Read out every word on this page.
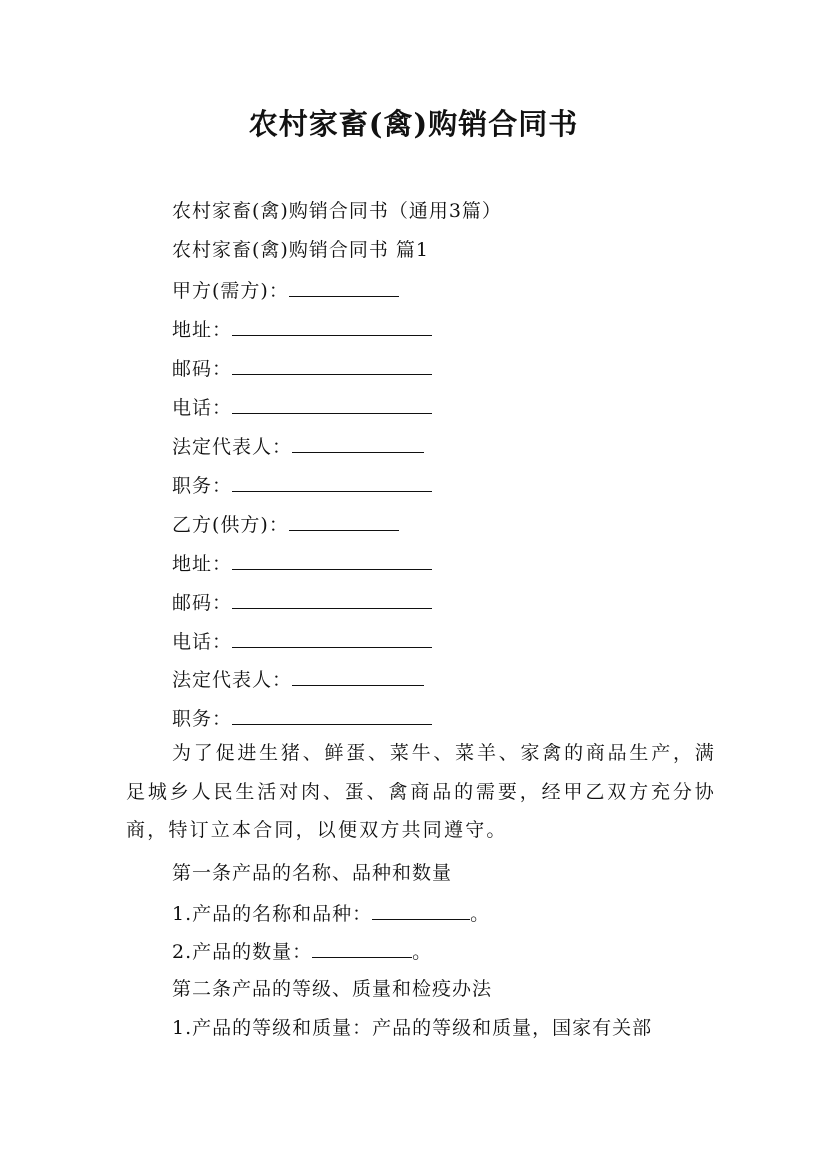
农村家畜(禽)购销合同书
农村家畜(禽)购销合同书（通用3篇）
农村家畜(禽)购销合同书 篇1
甲方(需方)：
地址：
邮码：
电话：
法定代表人：
职务：
乙方(供方)：
地址：
邮码：
电话：
法定代表人：
职务：
为了促进生猪、鲜蛋、菜牛、菜羊、家禽的商品生产，满足城乡人民生活对肉、蛋、禽商品的需要，经甲乙双方充分协商，特订立本合同，以便双方共同遵守。
第一条产品的名称、品种和数量
1.产品的名称和品种：	。
2.产品的数量：	。
第二条产品的等级、质量和检疫办法
1.产品的等级和质量：产品的等级和质量，国家有关部
